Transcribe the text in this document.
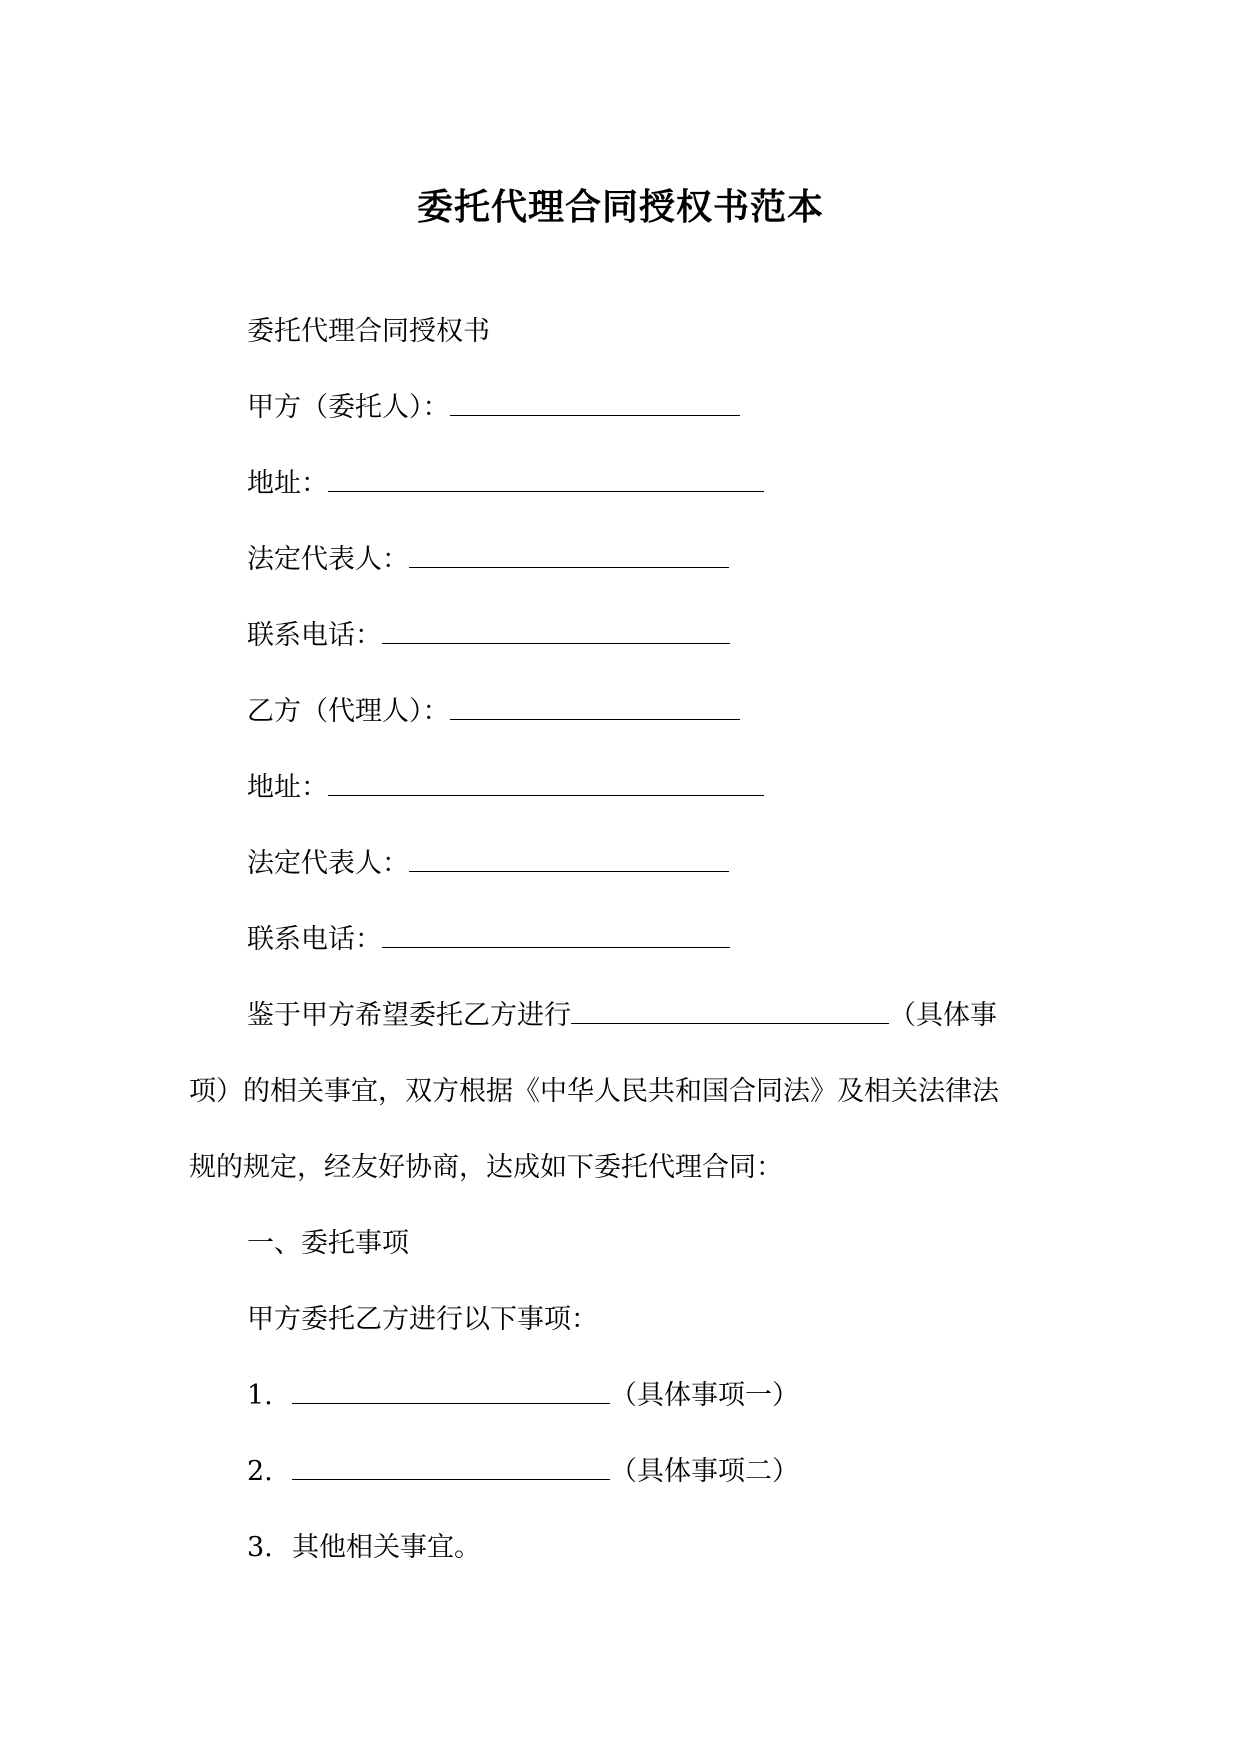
委托代理合同授权书范本

委托代理合同授权书

甲方（委托人）：

地址：

法定代表人：

联系电话：

乙方（代理人）：

地址：

法定代表人：

联系电话：

鉴于甲方希望委托乙方进行	（具体事

项）的相关事宜，双方根据《中华人民共和国合同法》及相关法律法

规的规定，经友好协商，达成如下委托代理合同：

一、委托事项

甲方委托乙方进行以下事项：

1.	（具体事项一）

2.	（具体事项二）

3. 其他相关事宜。
